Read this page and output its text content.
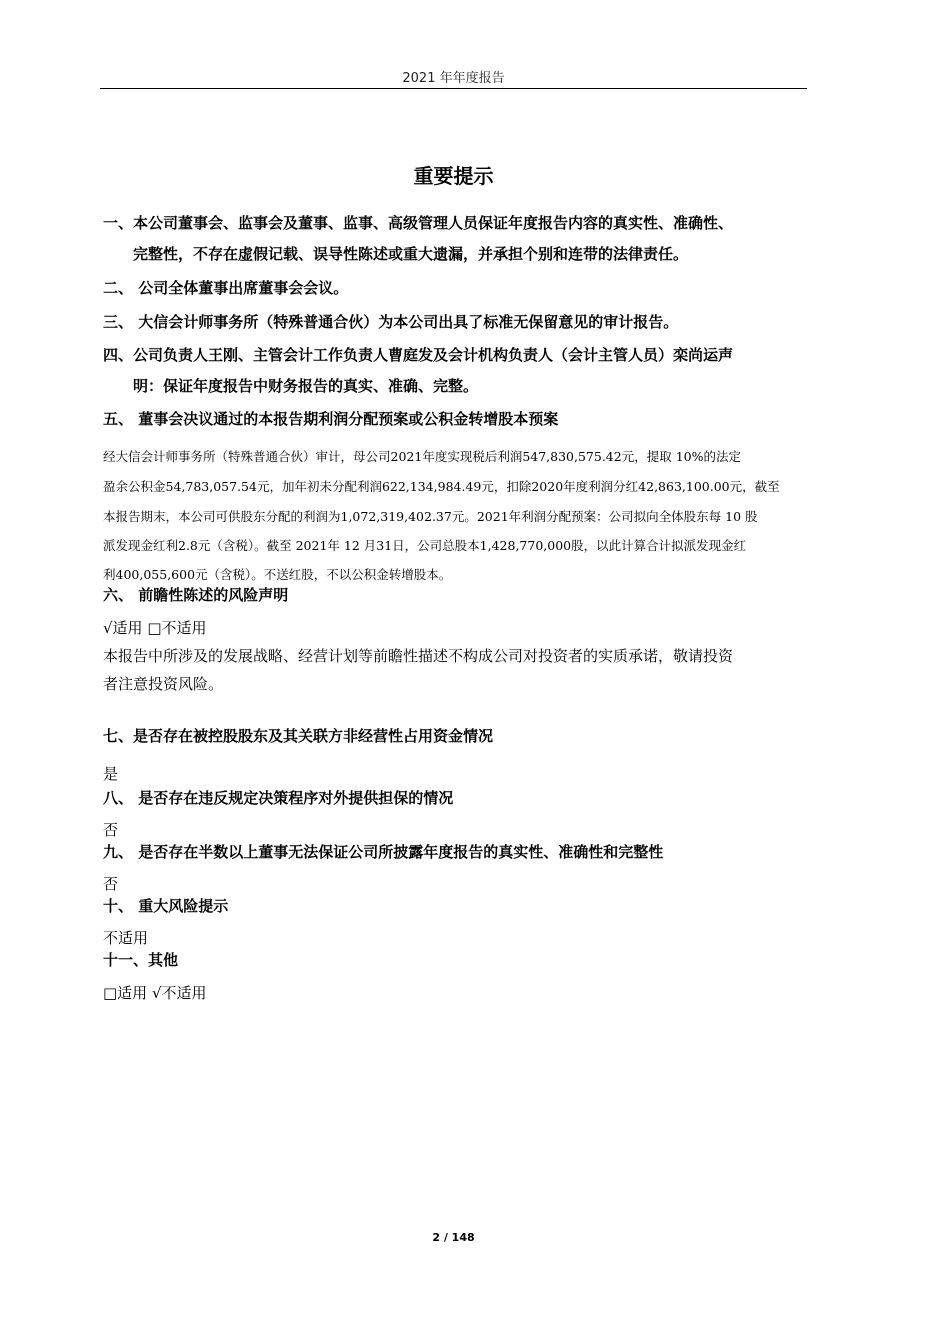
2021 年年度报告
重要提示
一、本公司董事会、监事会及董事、监事、高级管理人员保证年度报告内容的真实性、准确性、
完整性，不存在虚假记载、误导性陈述或重大遗漏，并承担个别和连带的法律责任。
二、 公司全体董事出席董事会会议。
三、 大信会计师事务所（特殊普通合伙）为本公司出具了标准无保留意见的审计报告。
四、公司负责人王刚、主管会计工作负责人曹庭发及会计机构负责人（会计主管人员）栾尚运声
明：保证年度报告中财务报告的真实、准确、完整。
五、 董事会决议通过的本报告期利润分配预案或公积金转增股本预案
经大信会计师事务所（特殊普通合伙）审计，母公司2021年度实现税后利润547,830,575.42元，提取 10%的法定
盈余公积金54,783,057.54元，加年初未分配利润622,134,984.49元，扣除2020年度利润分红42,863,100.00元，截至
本报告期末，本公司可供股东分配的利润为1,072,319,402.37元。2021年利润分配预案：公司拟向全体股东每 10 股
派发现金红利2.8元（含税）。截至 2021年 12 月31日，公司总股本1,428,770,000股，以此计算合计拟派发现金红
利400,055,600元（含税）。不送红股，不以公积金转增股本。
六、 前瞻性陈述的风险声明
√适用 □不适用
本报告中所涉及的发展战略、经营计划等前瞻性描述不构成公司对投资者的实质承诺，敬请投资
者注意投资风险。
七、是否存在被控股股东及其关联方非经营性占用资金情况
是
八、 是否存在违反规定决策程序对外提供担保的情况
否
九、 是否存在半数以上董事无法保证公司所披露年度报告的真实性、准确性和完整性
否
十、 重大风险提示
不适用
十一、其他
□适用 √不适用
2 / 148
